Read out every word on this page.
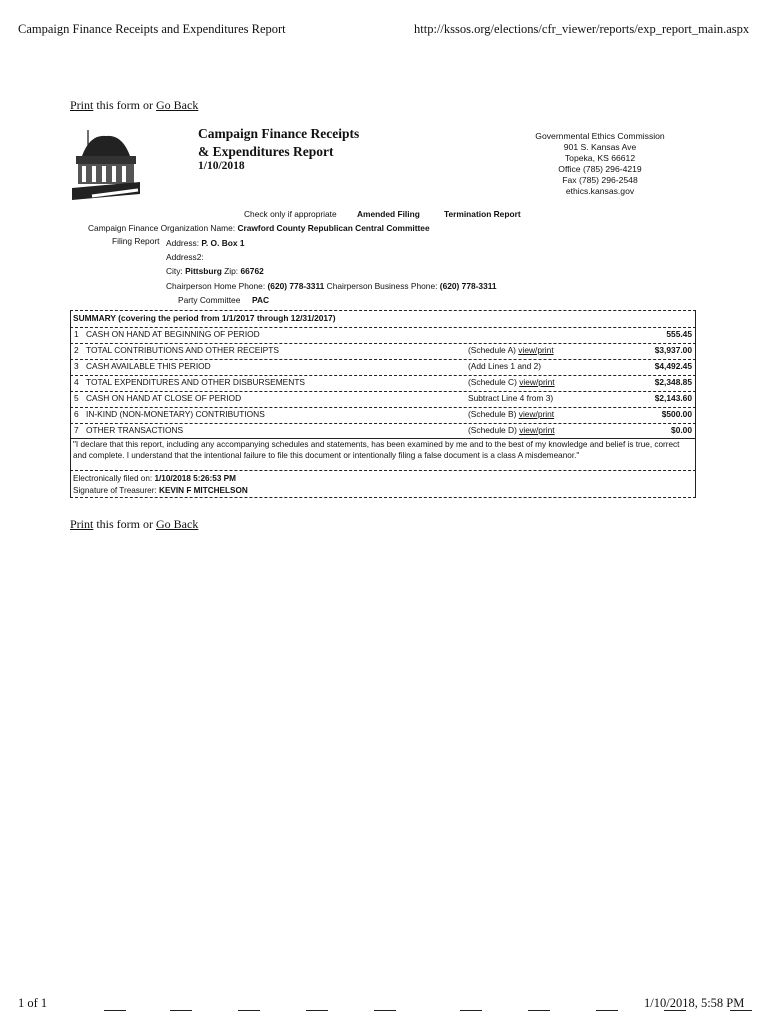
Campaign Finance Receipts and Expenditures Report	http://kssos.org/elections/cfr_viewer/reports/exp_report_main.aspx
Print this form or Go Back
Campaign Finance Receipts
& Expenditures Report
1/10/2018
Governmental Ethics Commission
901 S. Kansas Ave
Topeka, KS 66612
Office (785) 296-4219
Fax (785) 296-2548
ethics.kansas.gov
Check only if appropriate Amended Filing	Termination Report
Campaign Finance Organization Name: Crawford County Republican Central Committee
Filing Report Address: P. O. Box 1
Address2:
City: Pittsburg Zip: 66762
Chairperson Home Phone: (620) 778-3311 Chairperson Business Phone: (620) 778-3311
Party Committee PAC
SUMMARY (covering the period from 1/1/2017 through 12/31/2017)
1 CASH ON HAND AT BEGINNING OF PERIOD	555.45
2 TOTAL CONTRIBUTIONS AND OTHER RECEIPTS	(Schedule A) view/print	$3,937.00
3 CASH AVAILABLE THIS PERIOD	(Add Lines 1 and 2)	$4,492.45
4 TOTAL EXPENDITURES AND OTHER DISBURSEMENTS	(Schedule C) view/print	$2,348.85
5 CASH ON HAND AT CLOSE OF PERIOD	Subtract Line 4 from 3)	$2,143.60
6 IN-KIND (NON-MONETARY) CONTRIBUTIONS	(Schedule B) view/print	$500.00
7 OTHER TRANSACTIONS	(Schedule D) view/print	$0.00
"I declare that this report, including any accompanying schedules and statements, has been examined by me and to the best of my knowledge and belief is true, correct and complete. I understand that the intentional failure to file this document or intentionally filing a false document is a class A misdemeanor."
Electronically filed on: 1/10/2018 5:26:53 PM
Signature of Treasurer: KEVIN F MITCHELSON
Print this form or Go Back
1 of 1	1/10/2018, 5:58 PM
